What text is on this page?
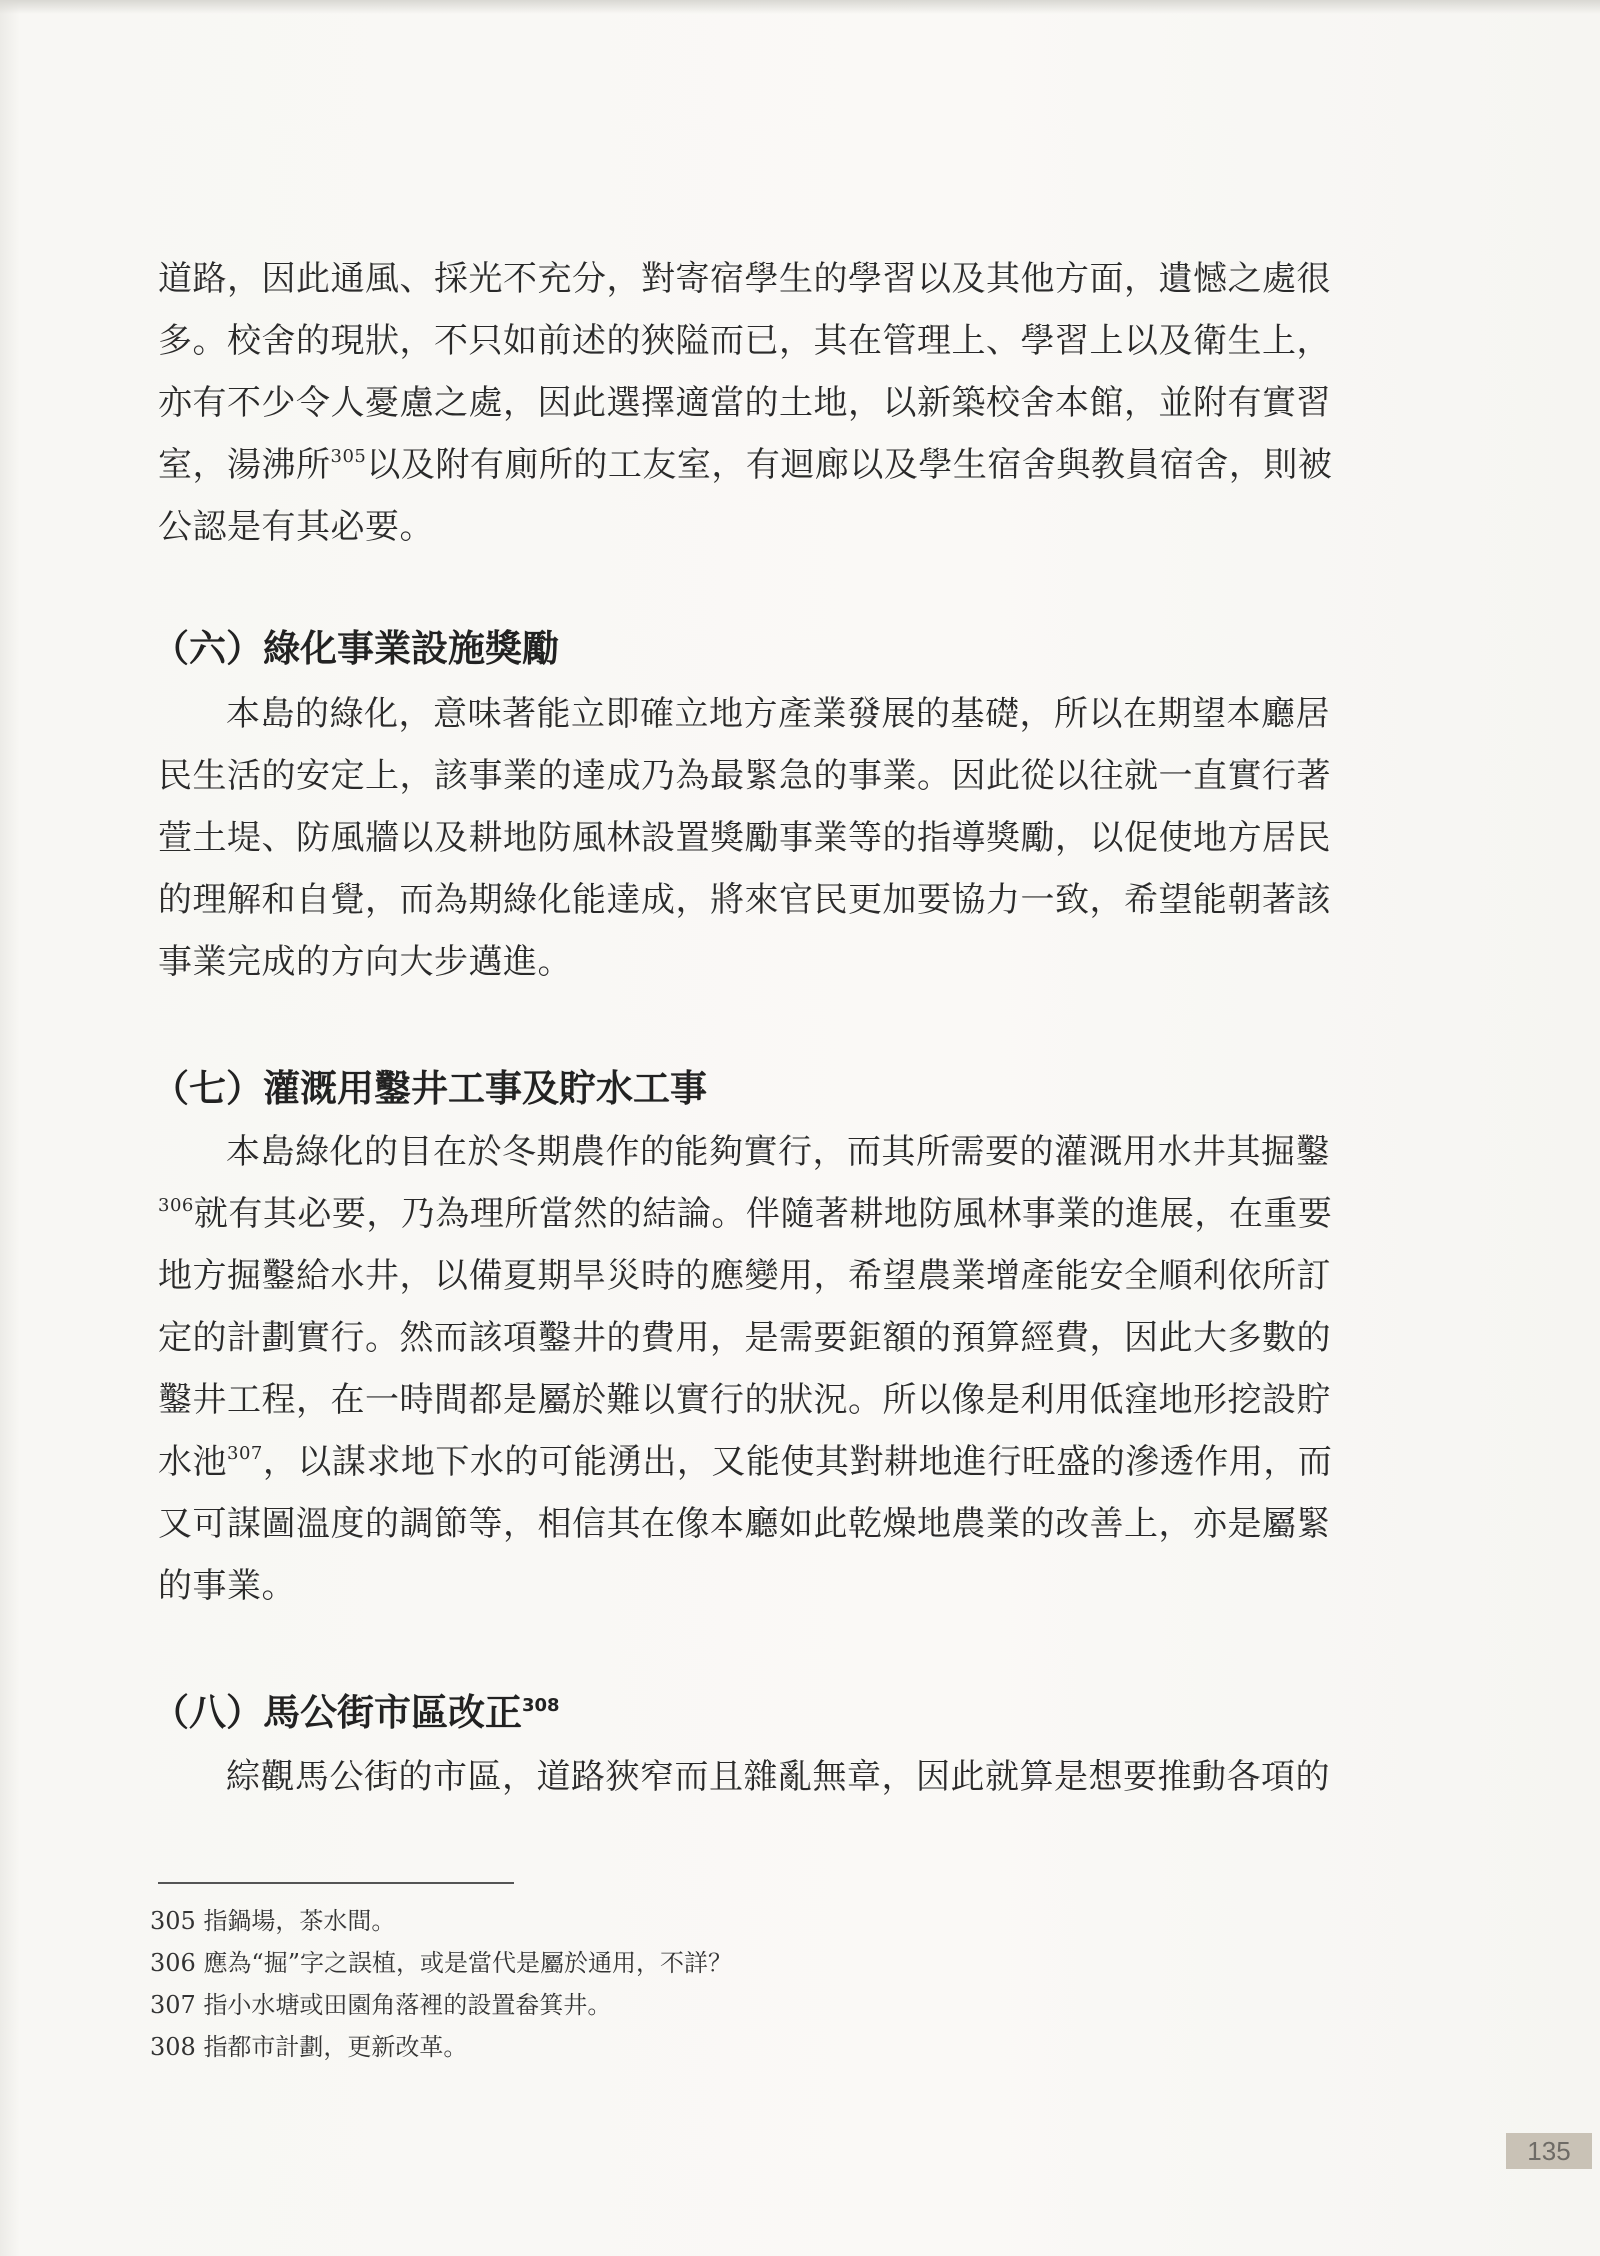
道路，因此通風、採光不充分，對寄宿學生的學習以及其他方面，遺憾之處很
多。校舍的現狀，不只如前述的狹隘而已，其在管理上、學習上以及衛生上，
亦有不少令人憂慮之處，因此選擇適當的土地，以新築校舍本館，並附有實習
室，湯沸所$^{305}$以及附有廁所的工友室，有迴廊以及學生宿舍與教員宿舍，則被
公認是有其必要。
（六）綠化事業設施獎勵
本島的綠化，意味著能立即確立地方產業發展的基礎，所以在期望本廳居
民生活的安定上，該事業的達成乃為最緊急的事業。因此從以往就一直實行著
萱土堤、防風牆以及耕地防風林設置獎勵事業等的指導獎勵，以促使地方居民
的理解和自覺，而為期綠化能達成，將來官民更加要協力一致，希望能朝著該
事業完成的方向大步邁進。
（七）灌溉用鑿井工事及貯水工事
本島綠化的目在於冬期農作的能夠實行，而其所需要的灌溉用水井其掘鑿
$^{306}$就有其必要，乃為理所當然的結論。伴隨著耕地防風林事業的進展，在重要
地方掘鑿給水井，以備夏期旱災時的應變用，希望農業增產能安全順利依所訂
定的計劃實行。然而該項鑿井的費用，是需要鉅額的預算經費，因此大多數的
鑿井工程，在一時間都是屬於難以實行的狀況。所以像是利用低窪地形挖設貯
水池$^{307}$，以謀求地下水的可能湧出，又能使其對耕地進行旺盛的滲透作用，而
又可謀圖溫度的調節等，相信其在像本廳如此乾燥地農業的改善上，亦是屬緊
的事業。
（八）馬公街市區改正$^{308}$
綜觀馬公街的市區，道路狹窄而且雜亂無章，因此就算是想要推動各項的
305 指鍋場，茶水間。
306 應為“掘”字之誤植，或是當代是屬於通用，不詳？
307 指小水塘或田園角落裡的設置畚箕井。
308 指都市計劃，更新改革。
135
